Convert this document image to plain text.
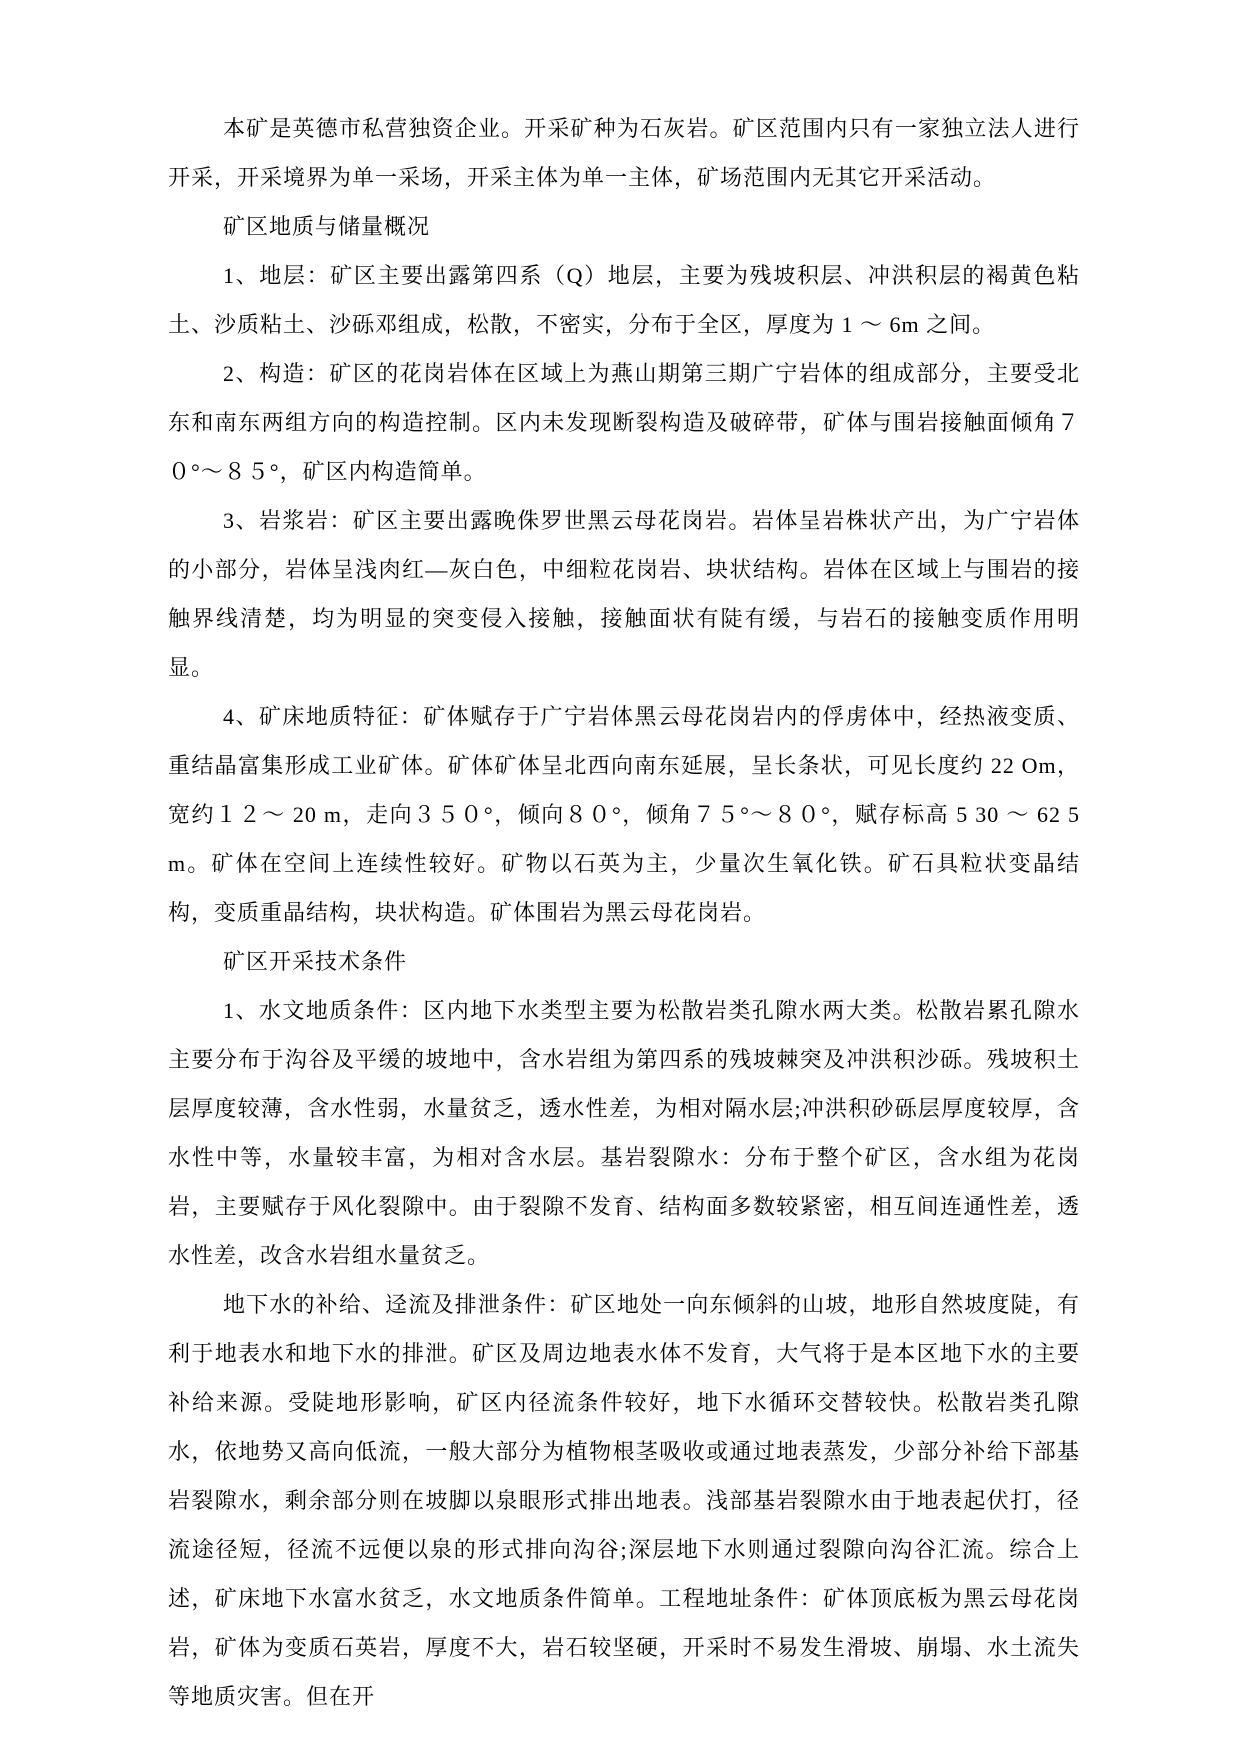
本矿是英德市私营独资企业。开采矿种为石灰岩。矿区范围内只有一家独立法人进行开采，开采境界为单一采场，开采主体为单一主体，矿场范围内无其它开采活动。

矿区地质与储量概况

1、地层：矿区主要出露第四系（Q）地层，主要为残坡积层、冲洪积层的褐黄色粘土、沙质粘土、沙砾邓组成，松散，不密实，分布于全区，厚度为 1 ～ 6m 之间。

2、构造：矿区的花岗岩体在区域上为燕山期第三期广宁岩体的组成部分，主要受北东和南东两组方向的构造控制。区内未发现断裂构造及破碎带，矿体与围岩接触面倾角７０°～８５°，矿区内构造简单。

3、岩浆岩：矿区主要出露晚侏罗世黑云母花岗岩。岩体呈岩株状产出，为广宁岩体的小部分，岩体呈浅肉红—灰白色，中细粒花岗岩、块状结构。岩体在区域上与围岩的接触界线清楚，均为明显的突变侵入接触，接触面状有陡有缓，与岩石的接触变质作用明显。

4、矿床地质特征：矿体赋存于广宁岩体黑云母花岗岩内的俘虏体中，经热液变质、重结晶富集形成工业矿体。矿体矿体呈北西向南东延展，呈长条状，可见长度约 22 Om，宽约１２～ 20 m，走向３５０°，倾向８０°，倾角７５°～８０°，赋存标高 5 30 ～ 62 5m。矿体在空间上连续性较好。矿物以石英为主，少量次生氧化铁。矿石具粒状变晶结构，变质重晶结构，块状构造。矿体围岩为黑云母花岗岩。

矿区开采技术条件

1、水文地质条件：区内地下水类型主要为松散岩类孔隙水两大类。松散岩累孔隙水主要分布于沟谷及平缓的坡地中，含水岩组为第四系的残坡棘突及冲洪积沙砾。残坡积土层厚度较薄，含水性弱，水量贫乏，透水性差，为相对隔水层;冲洪积砂砾层厚度较厚，含水性中等，水量较丰富，为相对含水层。基岩裂隙水：分布于整个矿区，含水组为花岗岩，主要赋存于风化裂隙中。由于裂隙不发育、结构面多数较紧密，相互间连通性差，透水性差，改含水岩组水量贫乏。

地下水的补给、迳流及排泄条件：矿区地处一向东倾斜的山坡，地形自然坡度陡，有利于地表水和地下水的排泄。矿区及周边地表水体不发育，大气将于是本区地下水的主要补给来源。受陡地形影响，矿区内径流条件较好，地下水循环交替较快。松散岩类孔隙水，依地势又高向低流，一般大部分为植物根茎吸收或通过地表蒸发，少部分补给下部基岩裂隙水，剩余部分则在坡脚以泉眼形式排出地表。浅部基岩裂隙水由于地表起伏打，径流途径短，径流不远便以泉的形式排向沟谷;深层地下水则通过裂隙向沟谷汇流。综合上述，矿床地下水富水贫乏，水文地质条件简单。工程地址条件：矿体顶底板为黑云母花岗岩，矿体为变质石英岩，厚度不大，岩石较坚硬，开采时不易发生滑坡、崩塌、水土流失等地质灾害。但在开
